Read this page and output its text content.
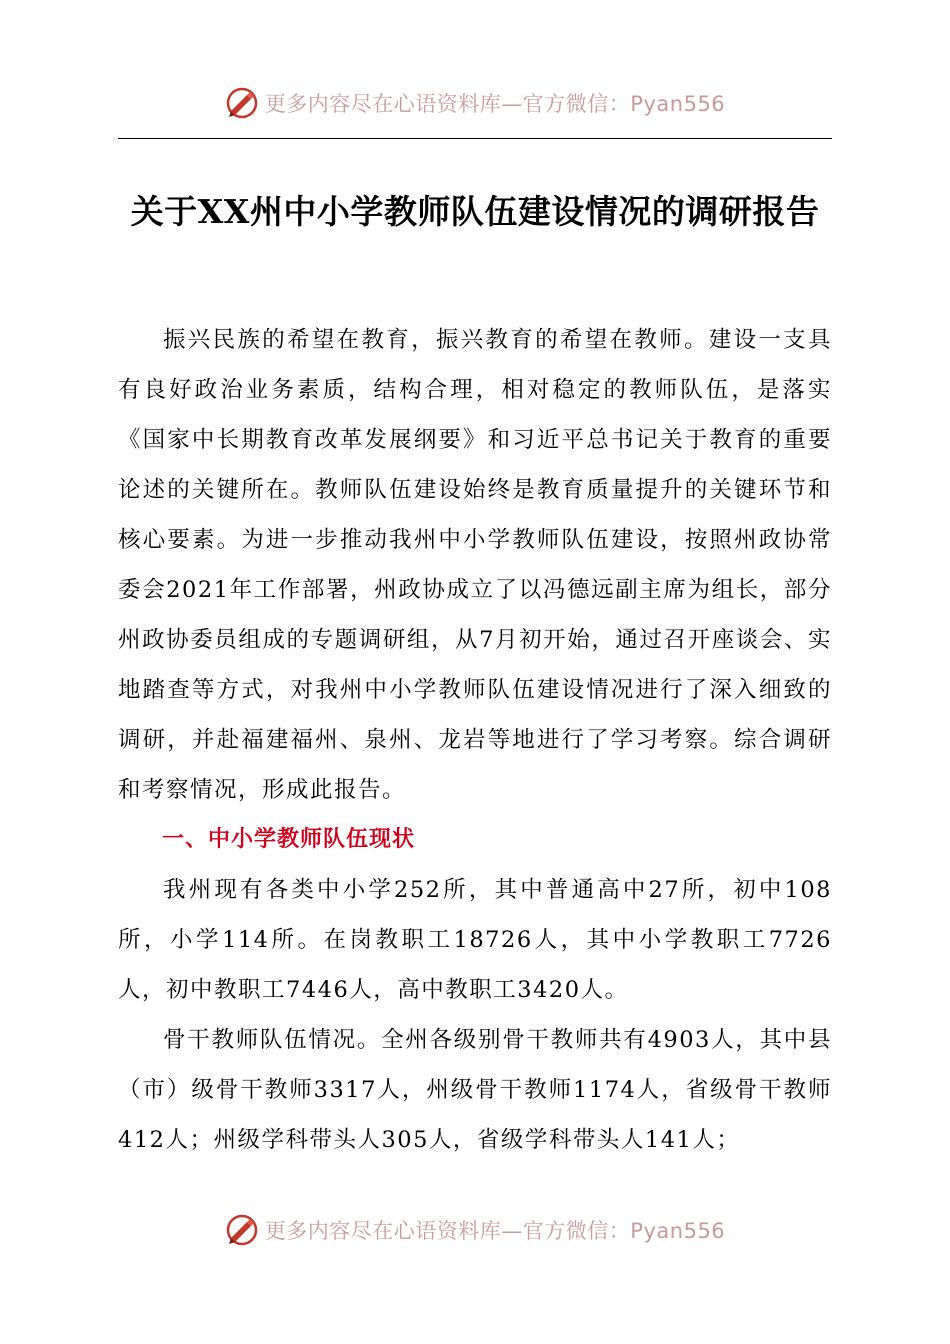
更多内容尽在心语资料库—官方微信：Pyan556
关于XX州中小学教师队伍建设情况的调研报告

振兴民族的希望在教育，振兴教育的希望在教师。建设一支具有良好政治业务素质，结构合理，相对稳定的教师队伍，是落实《国家中长期教育改革发展纲要》和习近平总书记关于教育的重要论述的关键所在。教师队伍建设始终是教育质量提升的关键环节和核心要素。为进一步推动我州中小学教师队伍建设，按照州政协常委会2021年工作部署，州政协成立了以冯德远副主席为组长，部分州政协委员组成的专题调研组，从7月初开始，通过召开座谈会、实地踏查等方式，对我州中小学教师队伍建设情况进行了深入细致的调研，并赴福建福州、泉州、龙岩等地进行了学习考察。综合调研和考察情况，形成此报告。

一、中小学教师队伍现状

我州现有各类中小学252所，其中普通高中27所，初中108所，小学114所。在岗教职工18726人，其中小学教职工7726人，初中教职工7446人，高中教职工3420人。

骨干教师队伍情况。全州各级别骨干教师共有4903人，其中县（市）级骨干教师3317人，州级骨干教师1174人，省级骨干教师412人；州级学科带头人305人，省级学科带头人141人；

更多内容尽在心语资料库—官方微信：Pyan556
